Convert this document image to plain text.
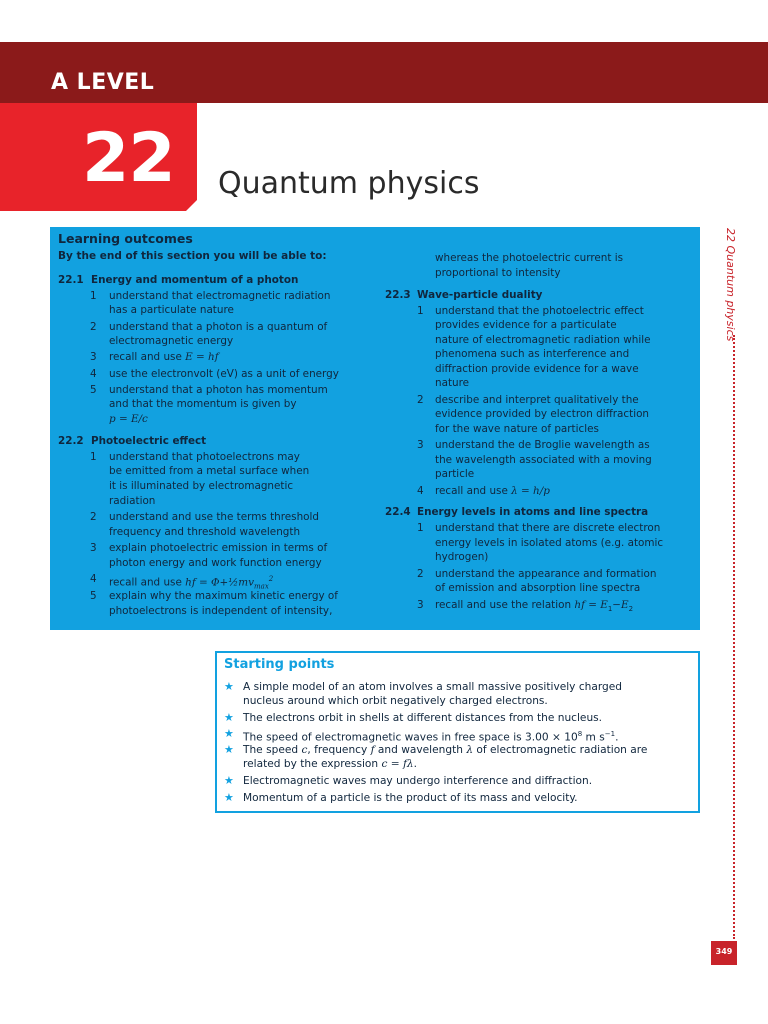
A LEVEL
22 Quantum physics
22 Quantum physics
349
Learning outcomes
By the end of this section you will be able to:
22.1 Energy and momentum of a photon
1 understand that electromagnetic radiation
has a particulate nature
2 understand that a photon is a quantum of
electromagnetic energy
3 recall and use E = hf
4 use the electronvolt (eV) as a unit of energy
5 understand that a photon has momentum
and that the momentum is given by
p = E/c
22.2 Photoelectric effect
1 understand that photoelectrons may
be emitted from a metal surface when
it is illuminated by electromagnetic
radiation
2 understand and use the terms threshold
frequency and threshold wavelength
3 explain photoelectric emission in terms of
photon energy and work function energy
4 recall and use hf = $\Phi+\frac{1}{2}mv_{max}^2$
5 explain why the maximum kinetic energy of
photoelectrons is independent of intensity,
whereas the photoelectric current is
proportional to intensity
22.3 Wave-particle duality
1 understand that the photoelectric effect
provides evidence for a particulate
nature of electromagnetic radiation while
phenomena such as interference and
diffraction provide evidence for a wave
nature
2 describe and interpret qualitatively the
evidence provided by electron diffraction
for the wave nature of particles
3 understand the de Broglie wavelength as
the wavelength associated with a moving
particle
4 recall and use λ = h/p
22.4 Energy levels in atoms and line spectra
1 understand that there are discrete electron
energy levels in isolated atoms (e.g. atomic
hydrogen)
2 understand the appearance and formation
of emission and absorption line spectra
3 recall and use the relation hf = $E_1-E_2$
Starting points
★ A simple model of an atom involves a small massive positively charged
nucleus around which orbit negatively charged electrons.
★ The electrons orbit in shells at different distances from the nucleus.
★ The speed of electromagnetic waves in free space is $3.00 \times 10^8$ m $s^{-1}$.
★ The speed c, frequency f and wavelength λ of electromagnetic radiation are
related by the expression c = fλ.
★ Electromagnetic waves may undergo interference and diffraction.
★ Momentum of a particle is the product of its mass and velocity.
